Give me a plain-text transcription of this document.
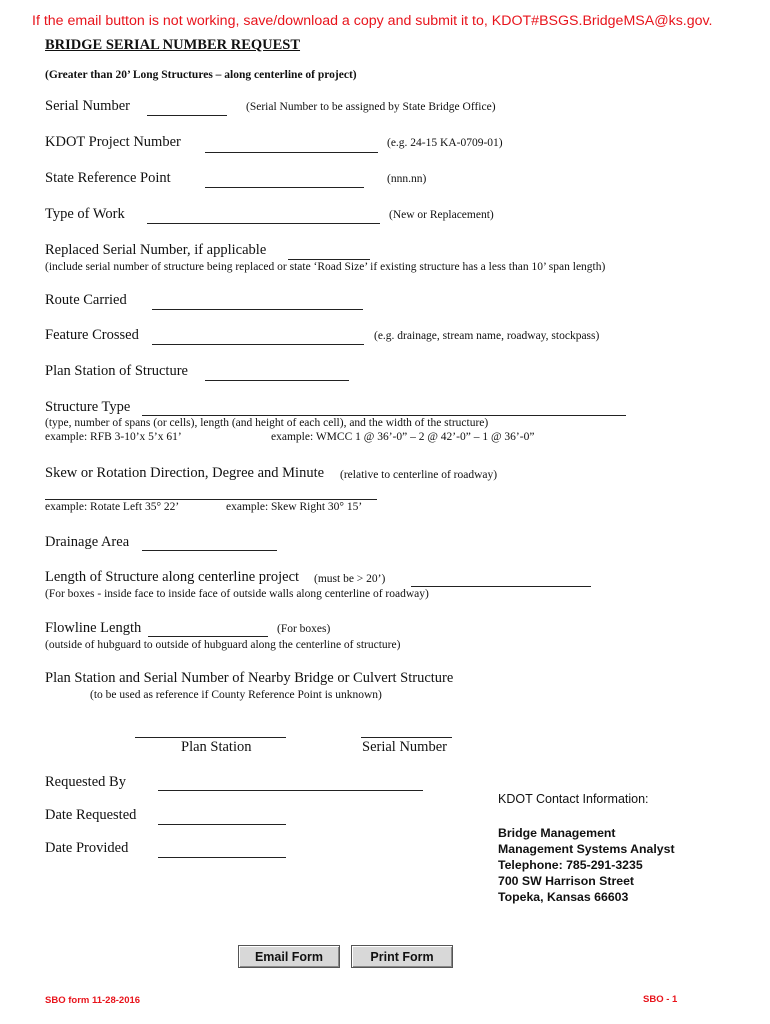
If the email button is not working, save/download a copy and submit it to, KDOT#BSGS.BridgeMSA@ks.gov.
BRIDGE SERIAL NUMBER REQUEST
(Greater than 20’ Long Structures – along centerline of project)
Serial Number	(Serial Number to be assigned by State Bridge Office)
KDOT Project Number	(e.g. 24-15 KA-0709-01)
State Reference Point	(nnn.nn)
Type of Work	(New or Replacement)
Replaced Serial Number, if applicable
(include serial number of structure being replaced or state ‘Road Size’ if existing structure has a less than 10’ span length)
Route Carried
Feature Crossed	(e.g. drainage, stream name, roadway, stockpass)
Plan Station of Structure
Structure Type
(type, number of spans (or cells), length (and height of each cell), and the width of the structure)
example: RFB 3-10’x 5’x 61’	example: WMCC 1 @ 36’-0” – 2 @ 42’-0” – 1 @ 36’-0”
Skew or Rotation Direction, Degree and Minute (relative to centerline of roadway)
example: Rotate Left 35° 22’	example: Skew Right 30° 15’
Drainage Area
Length of Structure along centerline project (must be > 20’)
(For boxes - inside face to inside face of outside walls along centerline of roadway)
Flowline Length	(For boxes)
(outside of hubguard to outside of hubguard along the centerline of structure)
Plan Station and Serial Number of Nearby Bridge or Culvert Structure
(to be used as reference if County Reference Point is unknown)
Plan Station	Serial Number
Requested By
Date Requested
Date Provided
KDOT Contact Information:
Bridge Management
Management Systems Analyst
Telephone: 785-291-3235
700 SW Harrison Street
Topeka, Kansas 66603
Email Form	Print Form
SBO form 11-28-2016	SBO - 1
